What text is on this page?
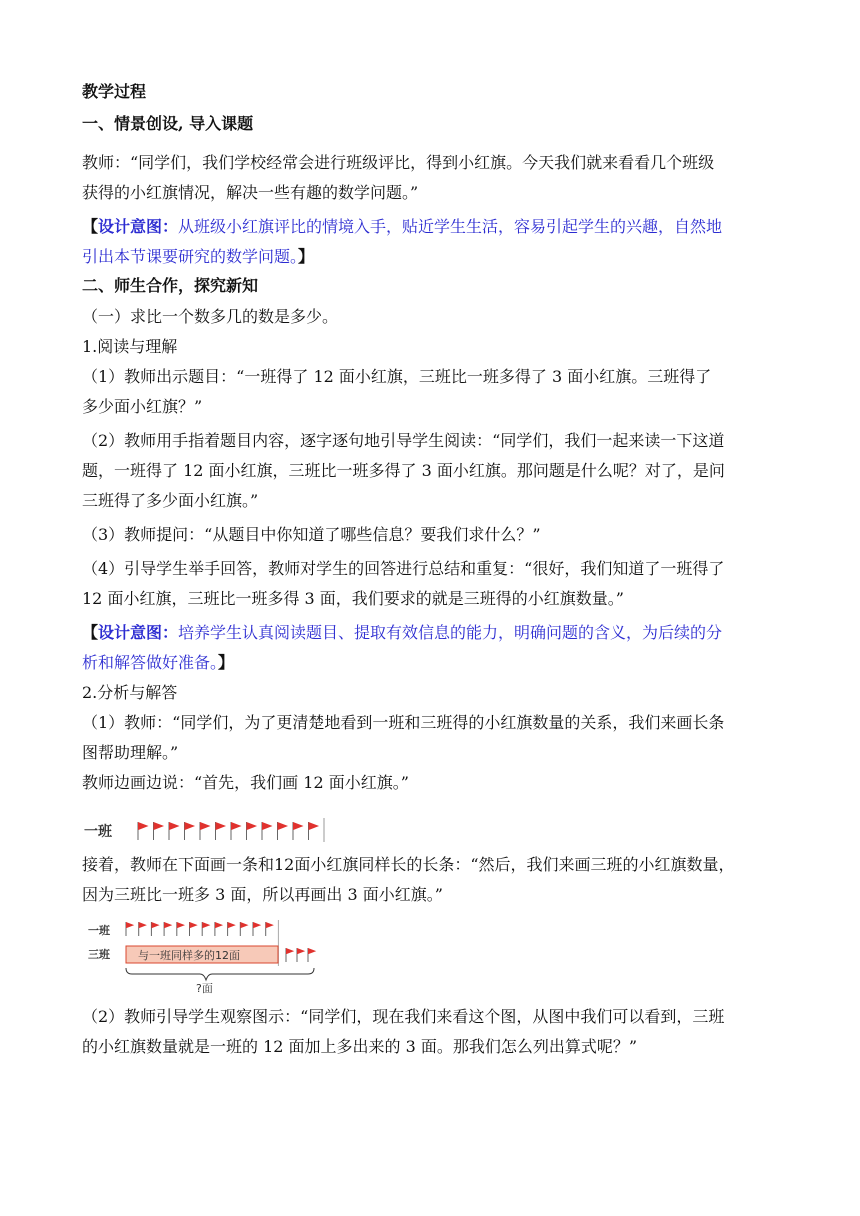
教学过程
一、情景创设, 导入课题
教师：“同学们，我们学校经常会进行班级评比，得到小红旗。今天我们就来看看几个班级
获得的小红旗情况，解决一些有趣的数学问题。”
【设计意图：从班级小红旗评比的情境入手，贴近学生生活，容易引起学生的兴趣，自然地
引出本节课要研究的数学问题。】
二、师生合作，探究新知
（一）求比一个数多几的数是多少。
1.阅读与理解
（1）教师出示题目：“一班得了 12 面小红旗，三班比一班多得了 3 面小红旗。三班得了
多少面小红旗？”
（2）教师用手指着题目内容，逐字逐句地引导学生阅读：“同学们，我们一起来读一下这道
题，一班得了 12 面小红旗，三班比一班多得了 3 面小红旗。那问题是什么呢？对了，是问
三班得了多少面小红旗。”
（3）教师提问：“从题目中你知道了哪些信息？要我们求什么？”
（4）引导学生举手回答，教师对学生的回答进行总结和重复：“很好，我们知道了一班得了
12 面小红旗，三班比一班多得 3 面，我们要求的就是三班得的小红旗数量。”
【设计意图：培养学生认真阅读题目、提取有效信息的能力，明确问题的含义，为后续的分
析和解答做好准备。】
2.分析与解答
（1）教师：“同学们，为了更清楚地看到一班和三班得的小红旗数量的关系，我们来画长条
图帮助理解。”
教师边画边说：“首先，我们画 12 面小红旗。”
一班
接着，教师在下面画一条和12面小红旗同样长的长条：“然后，我们来画三班的小红旗数量，
因为三班比一班多 3 面，所以再画出 3 面小红旗。”
一班
三班	与一班同样多的12面
?面
（2）教师引导学生观察图示：“同学们，现在我们来看这个图，从图中我们可以看到，三班
的小红旗数量就是一班的 12 面加上多出来的 3 面。那我们怎么列出算式呢？”
